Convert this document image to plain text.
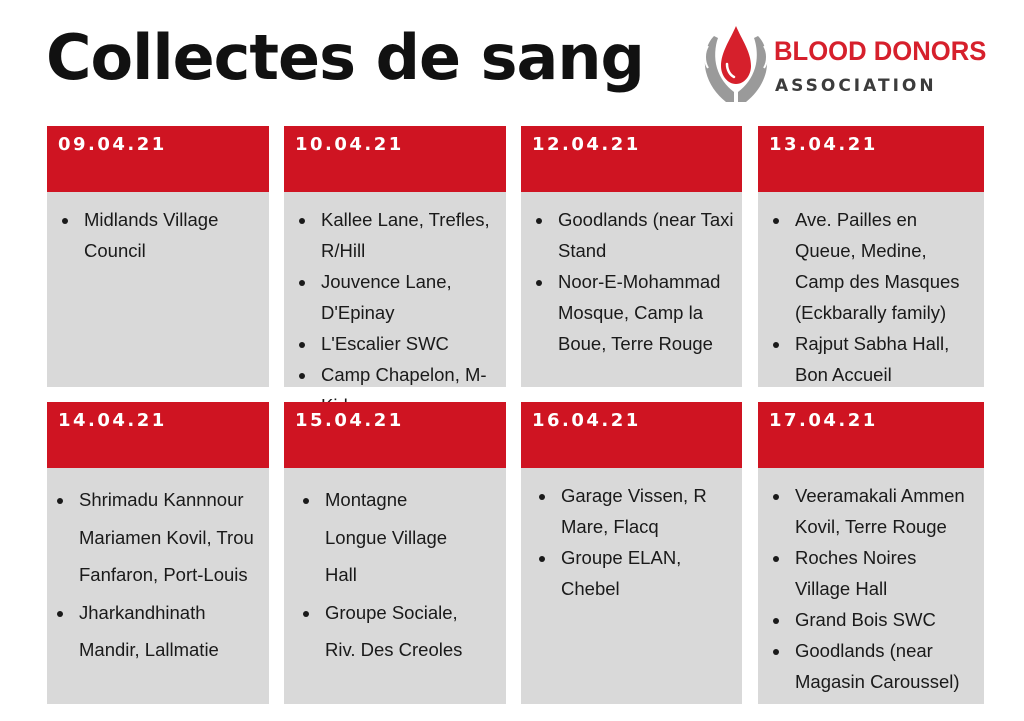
Collectes de sang	BLOOD DONORS
ASSOCIATION
09.04.21
• Midlands Village Council
10.04.21
• Kallee Lane, Trefles, R/Hill
• Jouvence Lane, D'Epinay
• L'Escalier SWC
• Camp Chapelon, M-
12.04.21
• Goodlands (near Taxi Stand
• Noor-E-Mohammad Mosque, Camp la Boue, Terre Rouge
13.04.21
• Ave. Pailles en Queue, Medine, Camp des Masques (Eckbarally family)
• Rajput Sabha Hall, Bon Accueil
14.04.21
• Shrimadu Kannnour Mariamen Kovil, Trou Fanfaron, Port-Louis
• Jharkandhinath Mandir, Lallmatie
15.04.21
• Montagne Longue Village Hall
• Groupe Sociale, Riv. Des Creoles
16.04.21
• Garage Vissen, R Mare, Flacq
• Groupe ELAN, Chebel
17.04.21
• Veeramakali Ammen Kovil, Terre Rouge
• Roches Noires Village Hall
• Grand Bois SWC
• Goodlands (near Magasin Caroussel)
